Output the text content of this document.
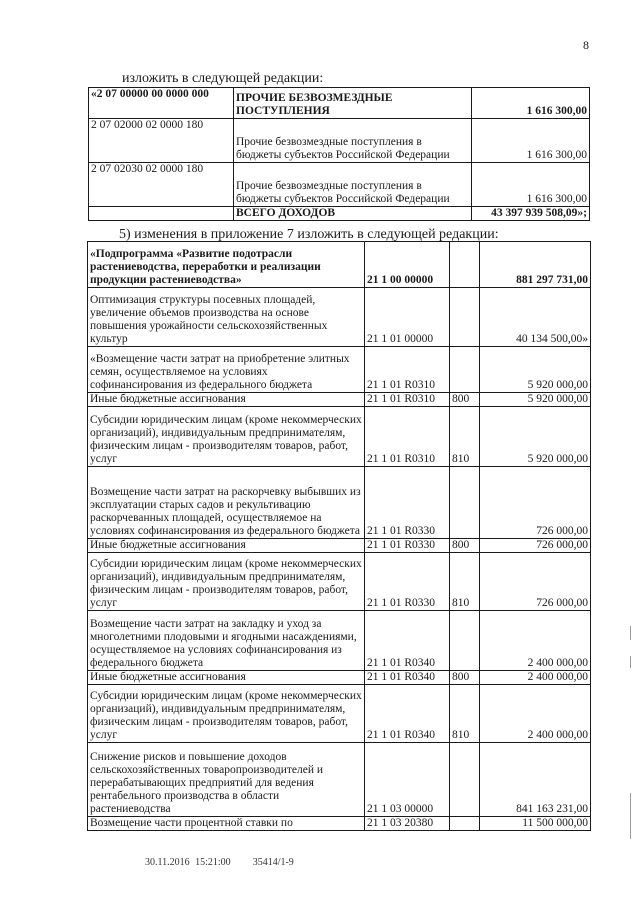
8
изложить в следующей редакции:
«2 07 00000 00 0000 000	ПРОЧИЕ БЕЗВОЗМЕЗДНЫЕ ПОСТУПЛЕНИЯ	1 616 300,00
2 07 02000 02 0000 180	Прочие безвозмездные поступления в бюджеты субъектов Российской Федерации	1 616 300,00
2 07 02030 02 0000 180	Прочие безвозмездные поступления в бюджеты субъектов Российской Федерации	1 616 300,00
	ВСЕГО ДОХОДОВ	43 397 939 508,09»;
5) изменения в приложение 7 изложить в следующей редакции:
«Подпрограмма «Развитие подотрасли растениеводства, переработки и реализации продукции растениеводства»	21 1 00 00000		881 297 731,00
Оптимизация структуры посевных площадей, увеличение объемов производства на основе повышения урожайности сельскохозяйственных культур	21 1 01 00000		40 134 500,00»
«Возмещение части затрат на приобретение элитных семян, осуществляемое на условиях софинансирования из федерального бюджета	21 1 01 R0310		5 920 000,00
Иные бюджетные ассигнования	21 1 01 R0310	800	5 920 000,00
Субсидии юридическим лицам (кроме некоммерческих организаций), индивидуальным предпринимателям, физическим лицам - производителям товаров, работ, услуг	21 1 01 R0310	810	5 920 000,00
Возмещение части затрат на раскорчевку выбывших из эксплуатации старых садов и рекультивацию раскорчеванных площадей, осуществляемое на условиях софинансирования из федерального бюджета	21 1 01 R0330		726 000,00
Иные бюджетные ассигнования	21 1 01 R0330	800	726 000,00
Субсидии юридическим лицам (кроме некоммерческих организаций), индивидуальным предпринимателям, физическим лицам - производителям товаров, работ, услуг	21 1 01 R0330	810	726 000,00
Возмещение части затрат на закладку и уход за многолетними плодовыми и ягодными насаждениями, осуществляемое на условиях софинансирования из федерального бюджета	21 1 01 R0340		2 400 000,00
Иные бюджетные ассигнования	21 1 01 R0340	800	2 400 000,00
Субсидии юридическим лицам (кроме некоммерческих организаций), индивидуальным предпринимателям, физическим лицам - производителям товаров, работ, услуг	21 1 01 R0340	810	2 400 000,00
Снижение рисков и повышение доходов сельскохозяйственных товаропроизводителей и перерабатывающих предприятий для ведения рентабельного производства в области растениеводства	21 1 03 00000		841 163 231,00
Возмещение части процентной ставки по	21 1 03 20380		11 500 000,00
30.11.2016 15:21:00 35414/1-9
